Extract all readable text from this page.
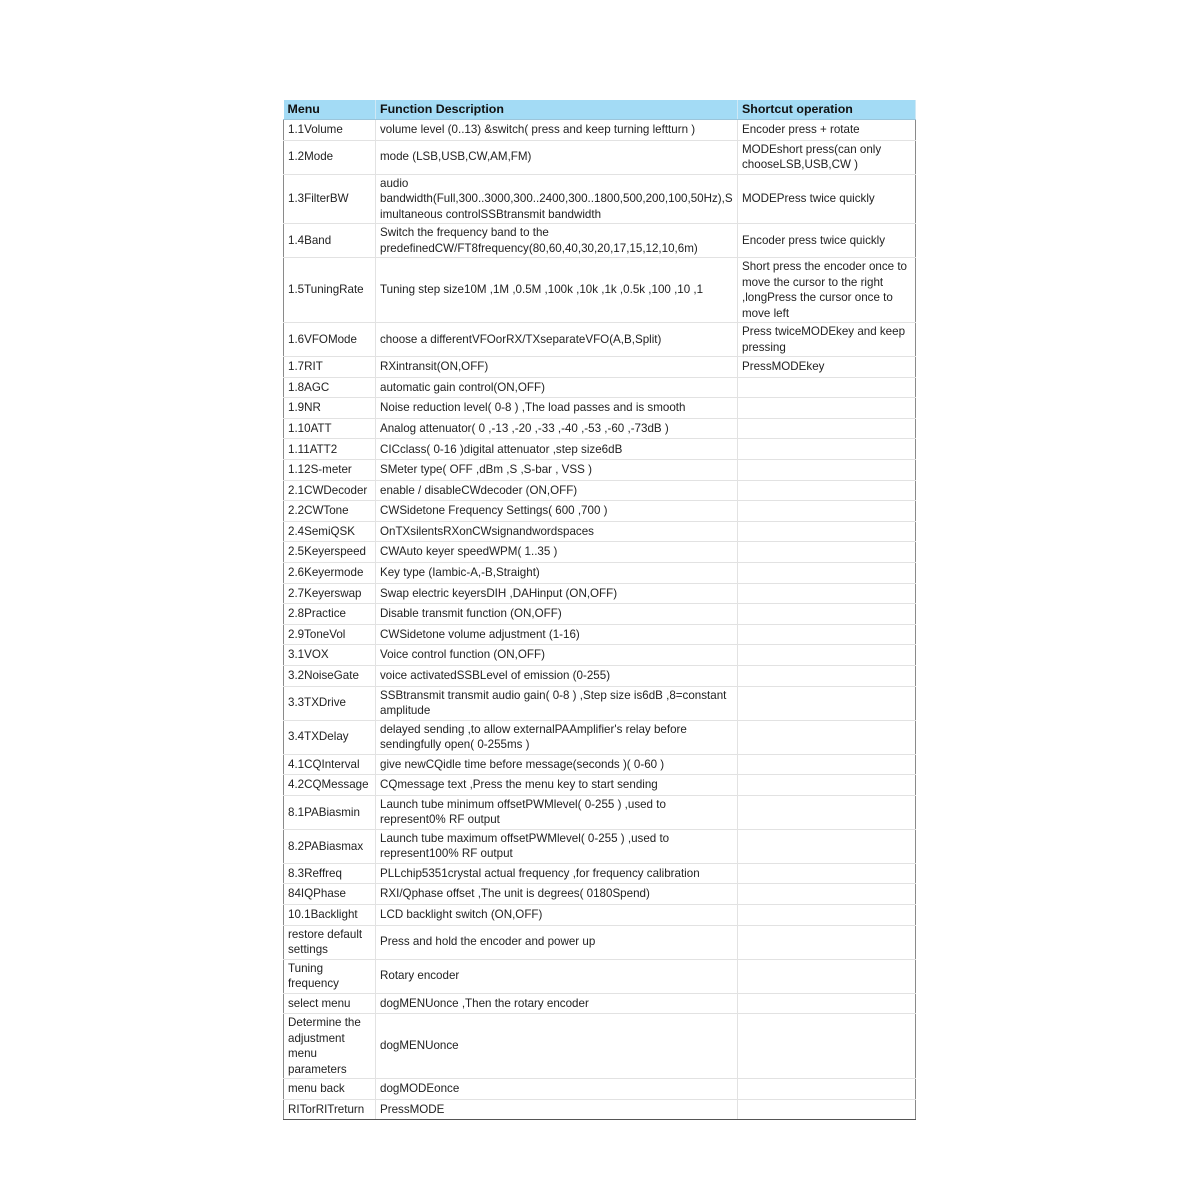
Menu	Function Description	Shortcut operation
1.1Volume	volume level (0..13) &switch( press and keep turning leftturn )	Encoder press + rotate
1.2Mode	mode (LSB,USB,CW,AM,FM)	MODEshort press(can only chooseLSB,USB,CW )
1.3FilterBW	audio bandwidth(Full,300..3000,300..2400,300..1800,500,200,100,50Hz),Simultaneous controlSSBtransmit bandwidth	MODEPress twice quickly
1.4Band	Switch the frequency band to the predefinedCW/FT8frequency(80,60,40,30,20,17,15,12,10,6m)	Encoder press twice quickly
1.5TuningRate	Tuning step size10M ,1M ,0.5M ,100k ,10k ,1k ,0.5k ,100 ,10 ,1	Short press the encoder once to move the cursor to the right ,longPress the cursor once to move left
1.6VFOMode	choose a differentVFOorRX/TXseparateVFO(A,B,Split)	Press twiceMODEkey and keep pressing
1.7RIT	RXintransit(ON,OFF)	PressMODEkey
1.8AGC	automatic gain control(ON,OFF)	
1.9NR	Noise reduction level( 0-8 ) ,The load passes and is smooth	
1.10ATT	Analog attenuator( 0 ,-13 ,-20 ,-33 ,-40 ,-53 ,-60 ,-73dB )	
1.11ATT2	CICclass( 0-16 )digital attenuator ,step size6dB	
1.12S-meter	SMeter type( OFF ,dBm ,S ,S-bar , VSS )	
2.1CWDecoder	enable / disableCWdecoder (ON,OFF)	
2.2CWTone	CWSidetone Frequency Settings( 600 ,700 )	
2.4SemiQSK	OnTXsilentsRXonCWsignandwordspaces	
2.5Keyerspeed	CWAuto keyer speedWPM( 1..35 )	
2.6Keyermode	Key type (Iambic-A,-B,Straight)	
2.7Keyerswap	Swap electric keyersDIH ,DAHinput (ON,OFF)	
2.8Practice	Disable transmit function (ON,OFF)	
2.9ToneVol	CWSidetone volume adjustment (1-16)	
3.1VOX	Voice control function (ON,OFF)	
3.2NoiseGate	voice activatedSSBLevel of emission (0-255)	
3.3TXDrive	SSBtransmit transmit audio gain( 0-8 ) ,Step size is6dB ,8=constant amplitude	
3.4TXDelay	delayed sending ,to allow externalPAAmplifier's relay before sendingfully open( 0-255ms )	
4.1CQInterval	give newCQidle time before message(seconds )( 0-60 )	
4.2CQMessage	CQmessage text ,Press the menu key to start sending	
8.1PABiasmin	Launch tube minimum offsetPWMlevel( 0-255 ) ,used to represent0% RF output	
8.2PABiasmax	Launch tube maximum offsetPWMlevel( 0-255 ) ,used to represent100% RF output	
8.3Reffreq	PLLchip5351crystal actual frequency ,for frequency calibration	
84IQPhase	RXI/Qphase offset ,The unit is degrees( 0180Spend)	
10.1Backlight	LCD backlight switch (ON,OFF)	
restore default settings	Press and hold the encoder and power up	
Tuning frequency	Rotary encoder	
select menu	dogMENUonce ,Then the rotary encoder	
Determine the adjustment menu parameters	dogMENUonce	
menu back	dogMODEonce	
RITorRITreturn	PressMODE	
